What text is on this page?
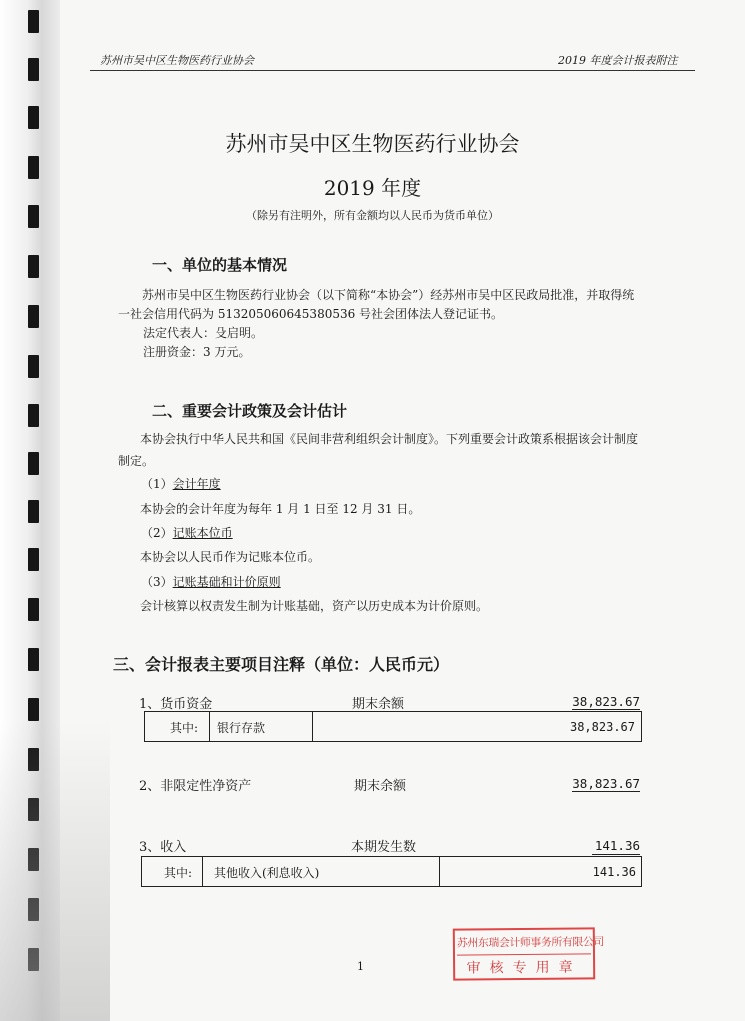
苏州市吴中区生物医药行业协会	2019 年度会计报表附注
苏州市吴中区生物医药行业协会
2019 年度
（除另有注明外，所有金额均以人民币为货币单位）
一、单位的基本情况
苏州市吴中区生物医药行业协会（以下简称“本协会”）经苏州市吴中区民政局批准，并取得统
一社会信用代码为 513205060645380536 号社会团体法人登记证书。
法定代表人：殳启明。
注册资金：3 万元。
二、重要会计政策及会计估计
本协会执行中华人民共和国《民间非营利组织会计制度》。下列重要会计政策系根据该会计制度
制定。
（1）会计年度
本协会的会计年度为每年 1 月 1 日至 12 月 31 日。
（2）记账本位币
本协会以人民币作为记账本位币。
（3）记账基础和计价原则
会计核算以权责发生制为计账基础，资产以历史成本为计价原则。
三、会计报表主要项目注释（单位：人民币元）
1、货币资金	期末余额	38,823.67
其中: 银行存款	38,823.67
2、非限定性净资产	期末余额	38,823.67
3、收入	本期发生数	141.36
其中: 其他收入(利息收入)	141.36
1
苏州东瑞会计师事务所有限公司
审核专用章
